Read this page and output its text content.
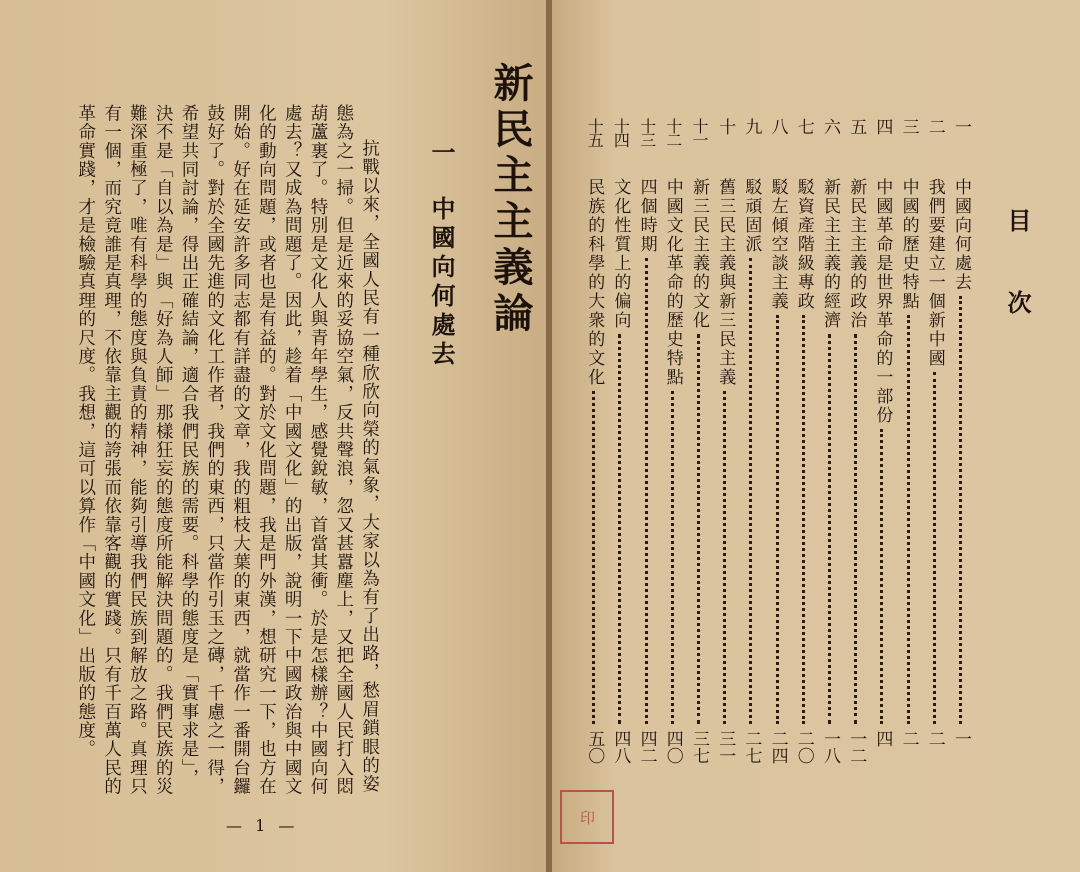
新民主主義論
一
中國向何處去
抗戰以來，全國人民有一種欣欣向榮的氣象，大家以為有了出路，愁眉鎖眼的姿態為之一掃。但是近來的妥協空氣，反共聲浪，忽又甚囂塵上，又把全國人民打入悶葫蘆裏了。特別是文化人與青年學生，感覺銳敏，首當其衝。於是怎樣辦？中國向何處去？又成為問題了。因此，趁着「中國文化」的出版，說明一下中國政治與中國文化的動向問題，或者也是有益的。對於文化問題，我是門外漢，想研究一下，也方在開始。好在延安許多同志都有詳盡的文章，我的粗枝大葉的東西，就當作一番開台鑼鼓好了。對於全國先進的文化工作者，我們的東西，只當作引玉之磚，千慮之一得，希望共同討論，得出正確結論，適合我們民族的需要。科學的態度是「實事求是」，決不是「自以為是」與「好為人師」那樣狂妄的態度所能解決問題的。我們民族的災難深重極了，唯有科學的態度與負責的精神，能夠引導我們民族到解放之路。真理只有一個，而究竟誰是真理，不依靠主觀的誇張而依靠客觀的實踐。只有千百萬人民的革命實踐，才是檢驗真理的尺度。我想，這可以算作「中國文化」出版的態度。
— 1 —
目次
一
中國向何處去
一
二
我們要建立一個新中國
二
三
中國的歷史特點
二
四
中國革命是世界革命的一部份
四
五
新民主主義的政治
一二
六
新民主主義的經濟
一八
七
駁資產階級專政
二〇
八
駁左傾空談主義
二四
九
駁頑固派
二七
十
舊三民主義與新三民主義
三一
十一
新三民主義的文化
三七
十二
中國文化革命的歷史特點
四〇
十三
四個時期
四二
十四
文化性質上的偏向
四八
十五
民族的科學的大衆的文化
五〇
印
